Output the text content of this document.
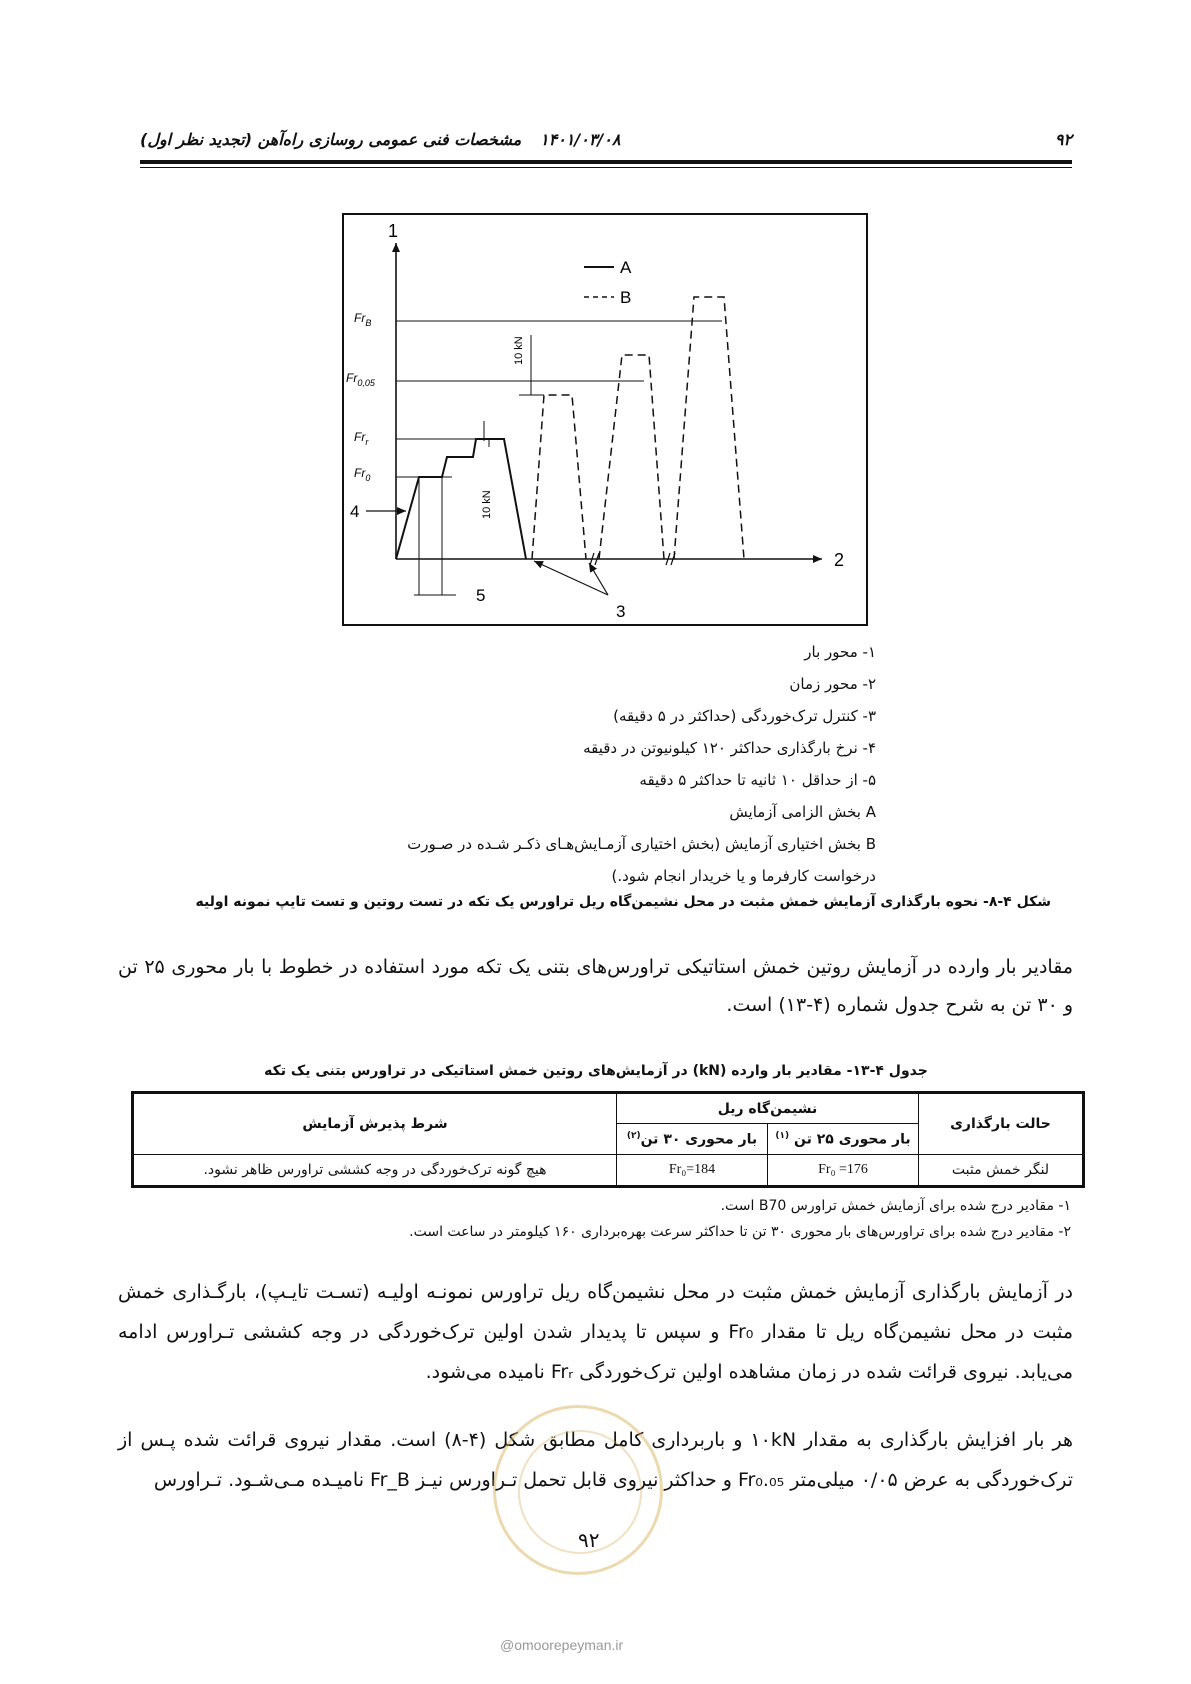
۹۲
۱۴۰۱/۰۳/۰۸
مشخصات فنی عمومی روسازی راه‌آهن (تجدید نظر اول)
1
2
A
B
$Fr_B$
$Fr_{0,05}$
$Fr_r$
$Fr_0$
4	10 kN
10 kN
3
5
۱- محور بار
۲- محور زمان
۳- کنترل ترک‌خوردگی (حداکثر در ۵ دقیقه)
۴- نرخ بارگذاری حداکثر ۱۲۰ کیلونیوتن در دقیقه
۵- از حداقل ۱۰ ثانیه تا حداکثر ۵ دقیقه
A بخش الزامی آزمایش
B بخش اختیاری آزمایش (بخش اختیاری آزمـایش‌هـای ذکـر شـده در صـورت
درخواست کارفرما و یا خریدار انجام شود.)
شکل ۴-۸- نحوه بارگذاری آزمایش خمش مثبت در محل نشیمن‌گاه ریل تراورس یک تکه در تست روتین و تست تایپ نمونه اولیه
مقادیر بار وارده در آزمایش روتین خمش استاتیکی تراورس‌های بتنی یک تکه مورد استفاده در خطوط با بار محوری ۲۵ تن و ۳۰ تن به شرح جدول شماره (۴-۱۳) است.
جدول ۴-۱۳- مقادیر بار وارده (kN) در آزمایش‌های روتین خمش استاتیکی در تراورس بتنی یک تکه
حالت بارگذاری	نشیمن‌گاه ریل		شرط پذیرش آزمایش
	بار محوری ۲۵ تن $^{(۱)}$	بار محوری ۳۰ تن$^{(۲)}$
لنگر خمش مثبت	Fr₀ =176	Fr₀=184	هیچ گونه ترک‌خوردگی در وجه کششی تراورس ظاهر نشود.
۱- مقادیر درج شده برای آزمایش خمش تراورس B70 است.
۲- مقادیر درج شده برای تراورس‌های بار محوری ۳۰ تن تا حداکثر سرعت بهره‌برداری ۱۶۰ کیلومتر در ساعت است.
در آزمایش بارگذاری آزمایش خمش مثبت در محل نشیمن‌گاه ریل تراورس نمونـه اولیـه (تسـت تایـپ)، بارگـذاری خمش مثبت در محل نشیمن‌گاه ریل تا مقدار Fr₀ و سپس تا پدیدار شدن اولین ترک‌خوردگی در وجه کششی تـراورس ادامه می‌یابد. نیروی قرائت شده در زمان مشاهده اولین ترک‌خوردگی Frᵣ نامیده می‌شود.
هر بار افزایش بارگذاری به مقدار ۱۰kN و باربرداری کامل مطابق شکل (۴-۸) است. مقدار نیروی قرائت شده پـس از ترک‌خوردگی به عرض ۰/۰۵ میلی‌متر Fr₀.₀₅ و حداکثر نیروی قابل تحمل تـراورس نیـز Fr_B نامیـده مـی‌شـود. تـراورس
۹۲
@omoorepeyman.ir
